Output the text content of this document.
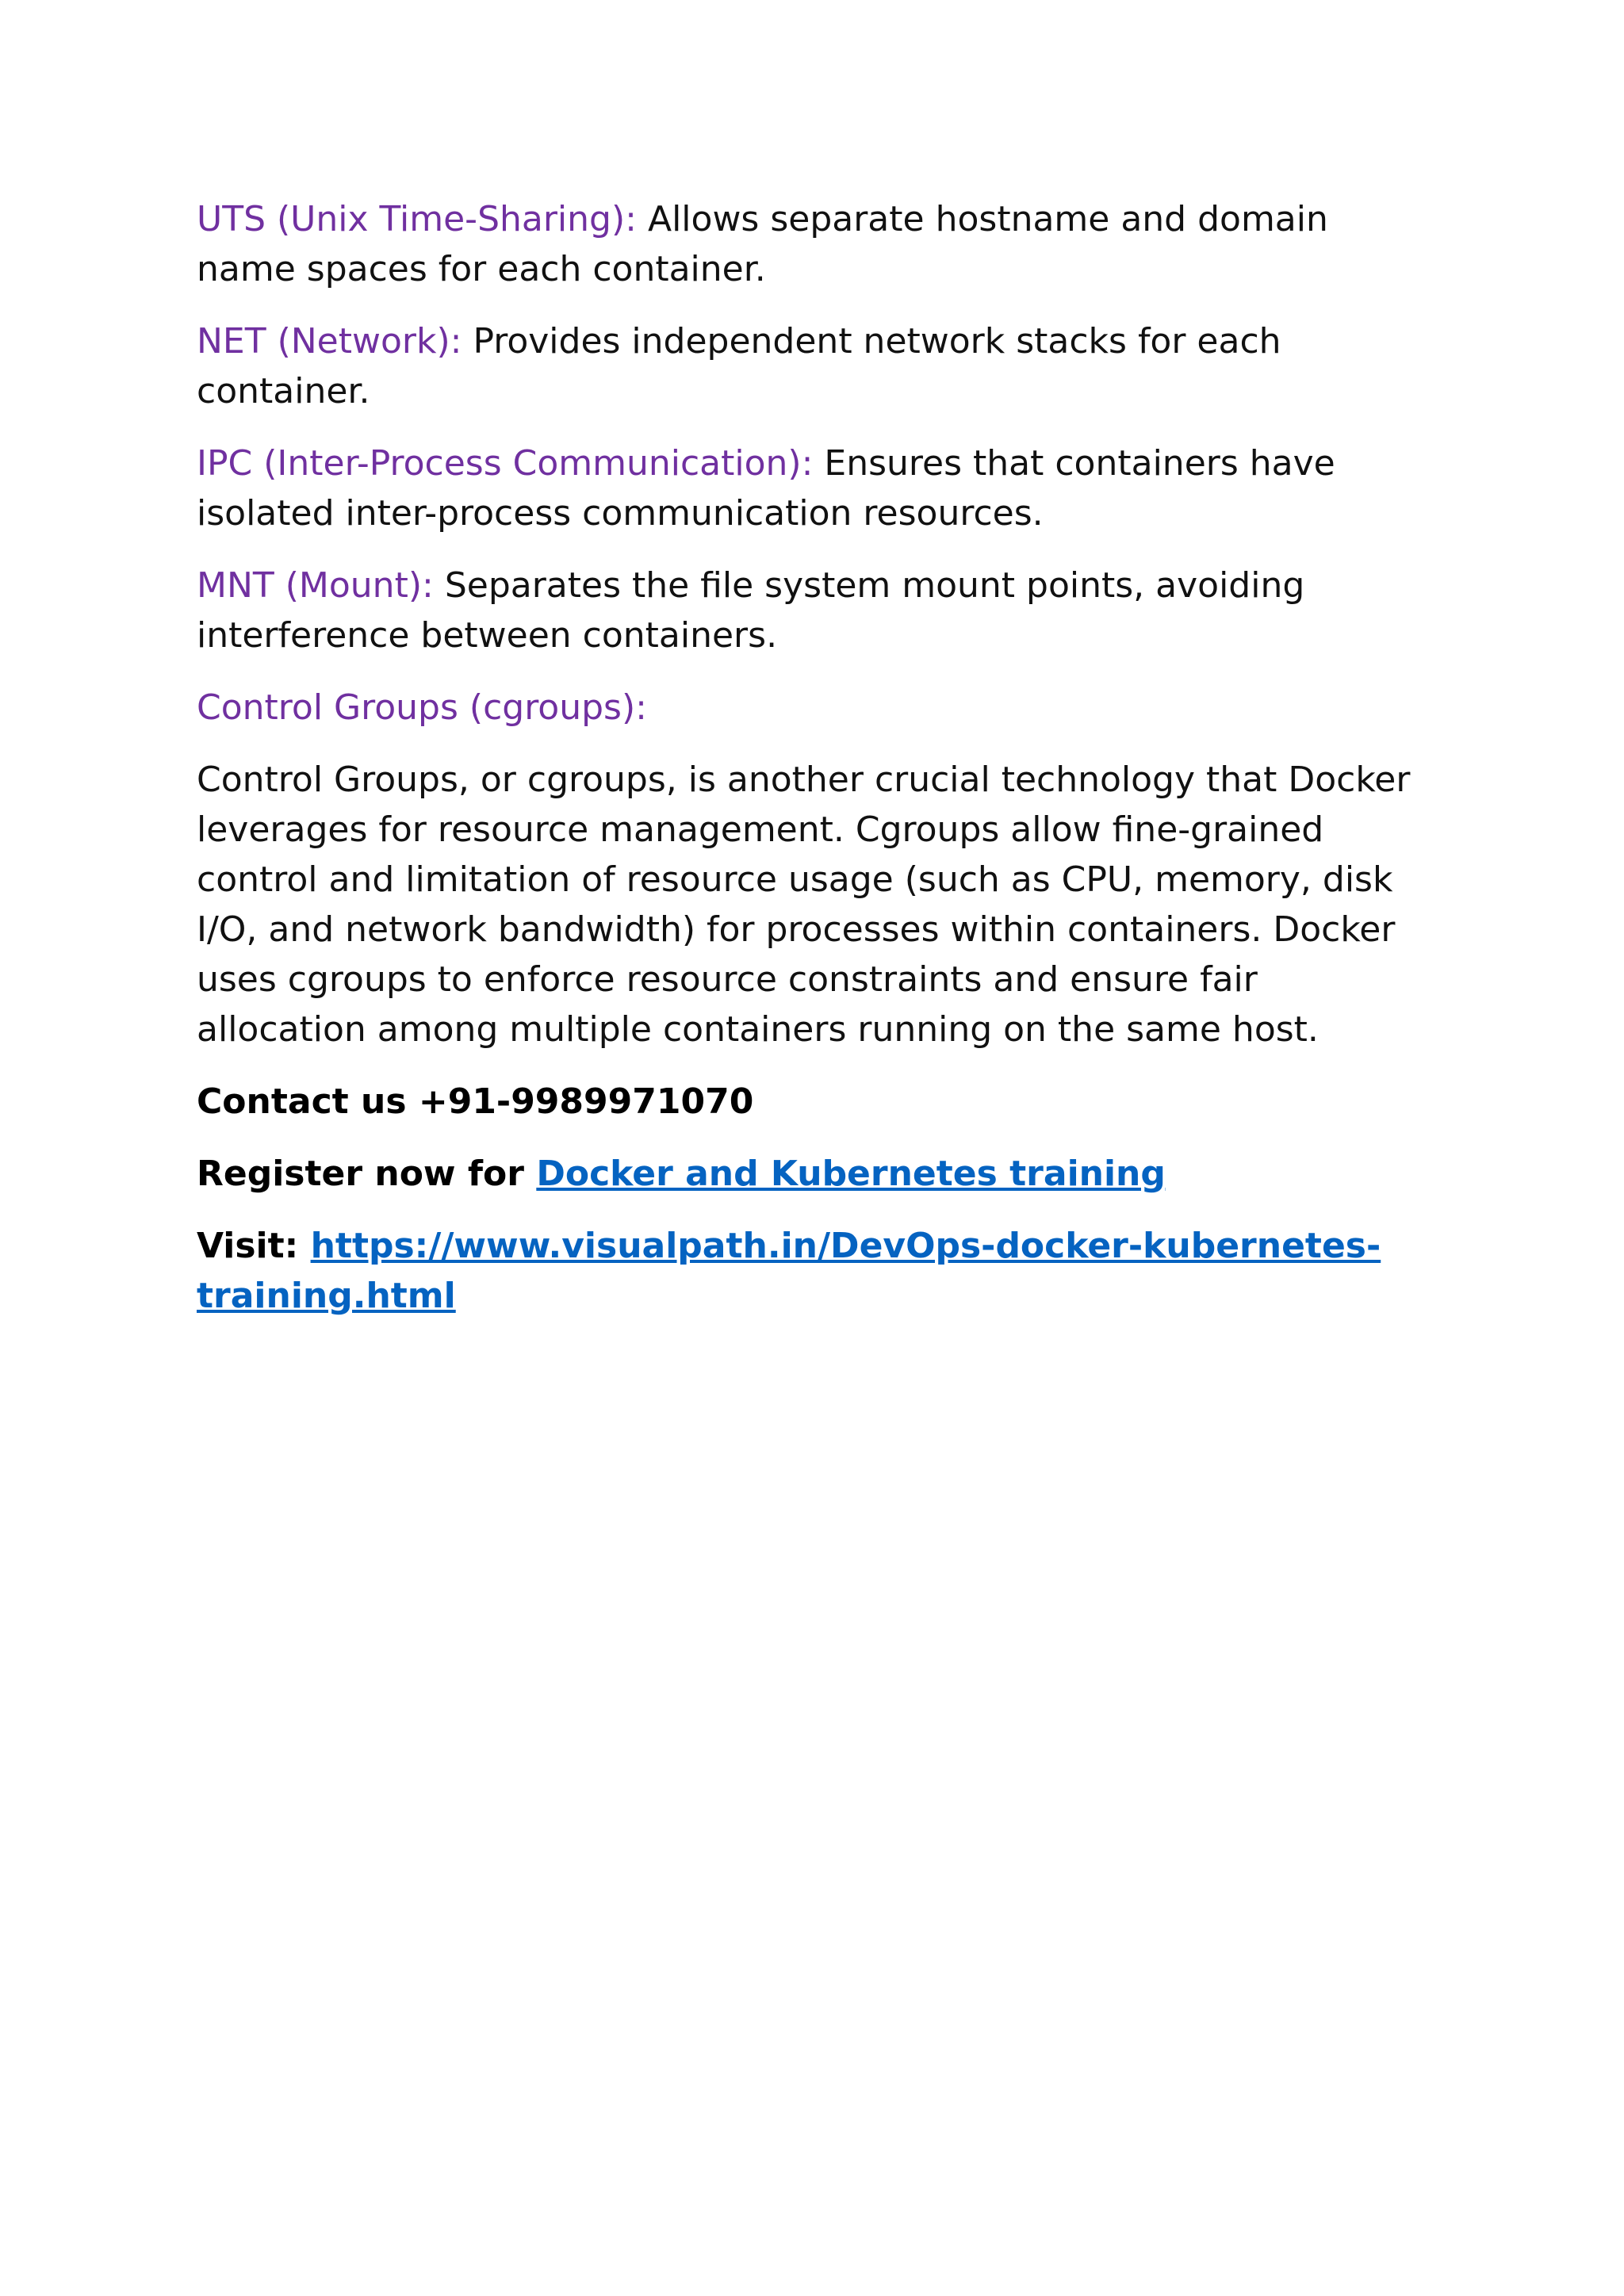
UTS (Unix Time-Sharing): Allows separate hostname and domain name spaces for each container.

NET (Network): Provides independent network stacks for each container.

IPC (Inter-Process Communication): Ensures that containers have isolated inter-process communication resources.

MNT (Mount): Separates the file system mount points, avoiding interference between containers.

Control Groups (cgroups):

Control Groups, or cgroups, is another crucial technology that Docker leverages for resource management. Cgroups allow fine-grained control and limitation of resource usage (such as CPU, memory, disk I/O, and network bandwidth) for processes within containers. Docker uses cgroups to enforce resource constraints and ensure fair allocation among multiple containers running on the same host.

Contact us +91-9989971070

Register now for Docker and Kubernetes training

Visit: https://www.visualpath.in/DevOps-docker-kubernetes-training.html
